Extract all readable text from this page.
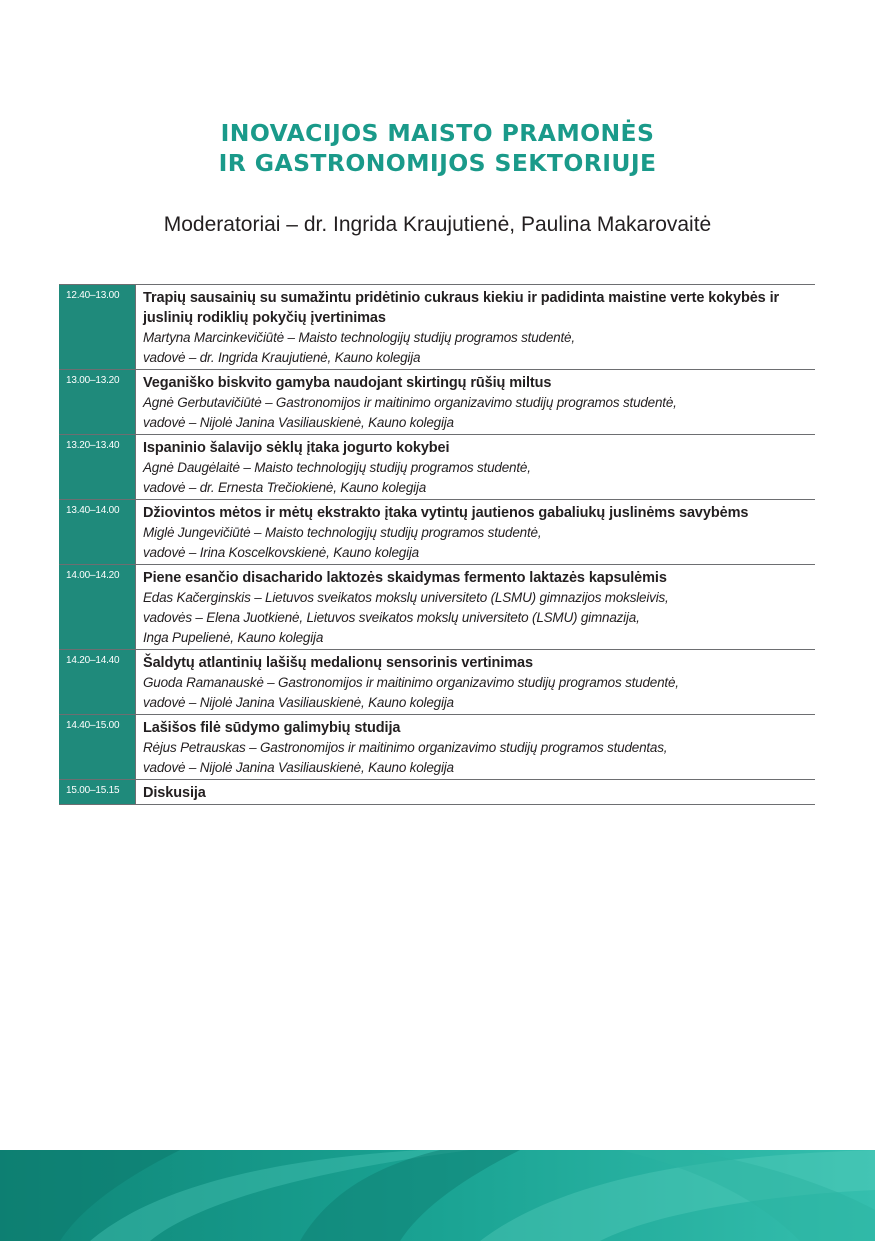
INOVACIJOS MAISTO PRAMONĖS
IR GASTRONOMIJOS SEKTORIUJE
Moderatoriai – dr. Ingrida Kraujutienė, Paulina Makarovaitė
12.40–13.00	Trapių sausainių su sumažintu pridėtinio cukraus kiekiu ir padidinta maistine verte kokybės ir juslinių rodiklių pokyčių įvertinimas
Martyna Marcinkevičiūtė – Maisto technologijų studijų programos studentė,
vadovė – dr. Ingrida Kraujutienė, Kauno kolegija
13.00–13.20	Veganiško biskvito gamyba naudojant skirtingų rūšių miltus
Agnė Gerbutavičiūtė – Gastronomijos ir maitinimo organizavimo studijų programos studentė,
vadovė – Nijolė Janina Vasiliauskienė, Kauno kolegija
13.20–13.40	Ispaninio šalavijo sėklų įtaka jogurto kokybei
Agnė Daugėlaitė – Maisto technologijų studijų programos studentė,
vadovė – dr. Ernesta Trečiokienė, Kauno kolegija
13.40–14.00	Džiovintos mėtos ir mėtų ekstrakto įtaka vytintų jautienos gabaliukų juslinėms savybėms
Miglė Jungevičiūtė – Maisto technologijų studijų programos studentė,
vadovė – Irina Koscelkovskienė, Kauno kolegija
14.00–14.20	Piene esančio disacharido laktozės skaidymas fermento laktazės kapsulėmis
Edas Kačerginskis – Lietuvos sveikatos mokslų universiteto (LSMU) gimnazijos moksleivis,
vadovės – Elena Juotkienė, Lietuvos sveikatos mokslų universiteto (LSMU) gimnazija,
Inga Pupelienė, Kauno kolegija
14.20–14.40	Šaldytų atlantinių lašišų medalionų sensorinis vertinimas
Guoda Ramanauskė – Gastronomijos ir maitinimo organizavimo studijų programos studentė,
vadovė – Nijolė Janina Vasiliauskienė, Kauno kolegija
14.40–15.00	Lašišos filė sūdymo galimybių studija
Rėjus Petrauskas – Gastronomijos ir maitinimo organizavimo studijų programos studentas,
vadovė – Nijolė Janina Vasiliauskienė, Kauno kolegija
15.00–15.15	Diskusija
